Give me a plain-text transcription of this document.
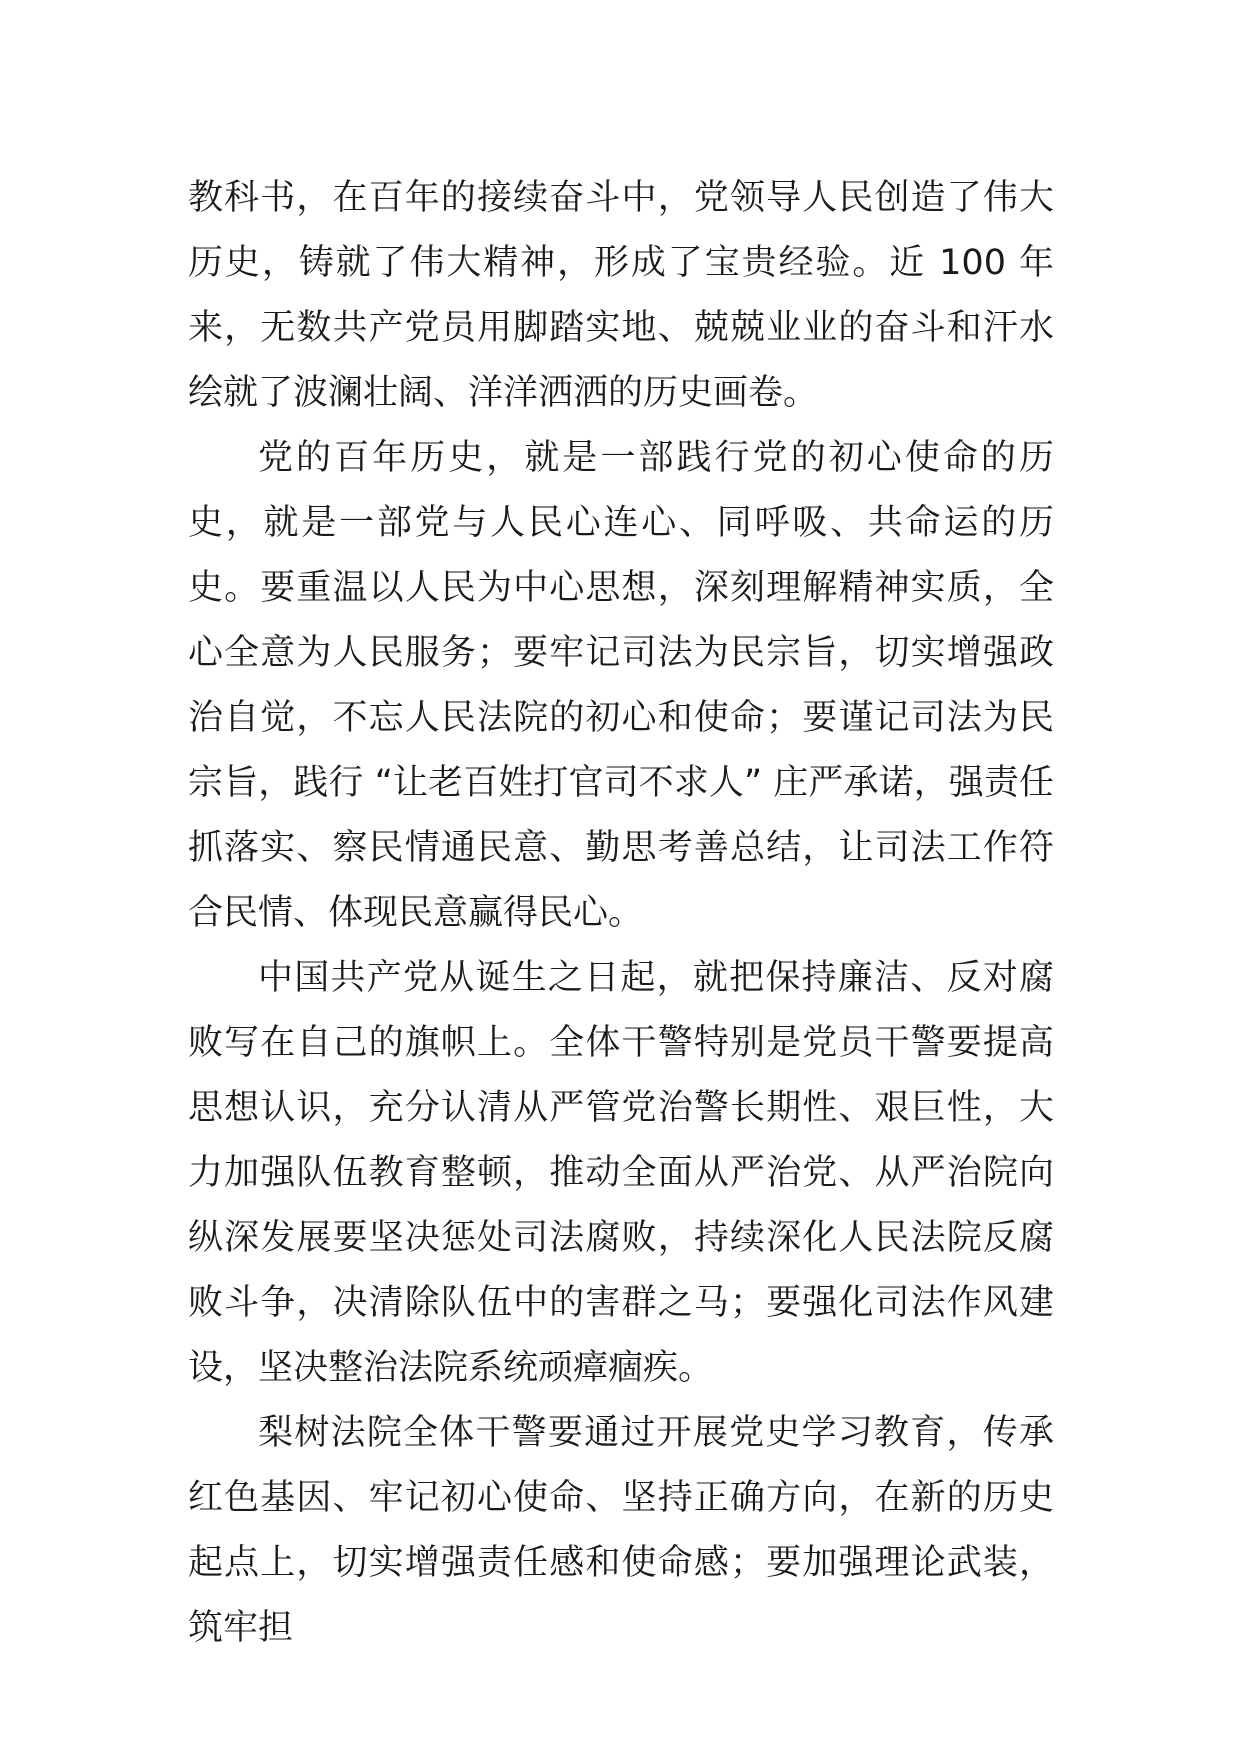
教科书，在百年的接续奋斗中，党领导人民创造了伟大历史，铸就了伟大精神，形成了宝贵经验。近 100 年来，无数共产党员用脚踏实地、兢兢业业的奋斗和汗水绘就了波澜壮阔、洋洋洒洒的历史画卷。

党的百年历史，就是一部践行党的初心使命的历史，就是一部党与人民心连心、同呼吸、共命运的历史。要重温以人民为中心思想，深刻理解精神实质，全心全意为人民服务；要牢记司法为民宗旨，切实增强政治自觉，不忘人民法院的初心和使命；要谨记司法为民宗旨，践行 “让老百姓打官司不求人” 庄严承诺，强责任抓落实、察民情通民意、勤思考善总结，让司法工作符合民情、体现民意赢得民心。

中国共产党从诞生之日起，就把保持廉洁、反对腐败写在自己的旗帜上。全体干警特别是党员干警要提高思想认识，充分认清从严管党治警长期性、艰巨性，大力加强队伍教育整顿，推动全面从严治党、从严治院向纵深发展要坚决惩处司法腐败，持续深化人民法院反腐败斗争，决清除队伍中的害群之马；要强化司法作风建设，坚决整治法院系统顽瘴痼疾。

梨树法院全体干警要通过开展党史学习教育，传承红色基因、牢记初心使命、坚持正确方向，在新的历史起点上，切实增强责任感和使命感；要加强理论武装，筑牢担
